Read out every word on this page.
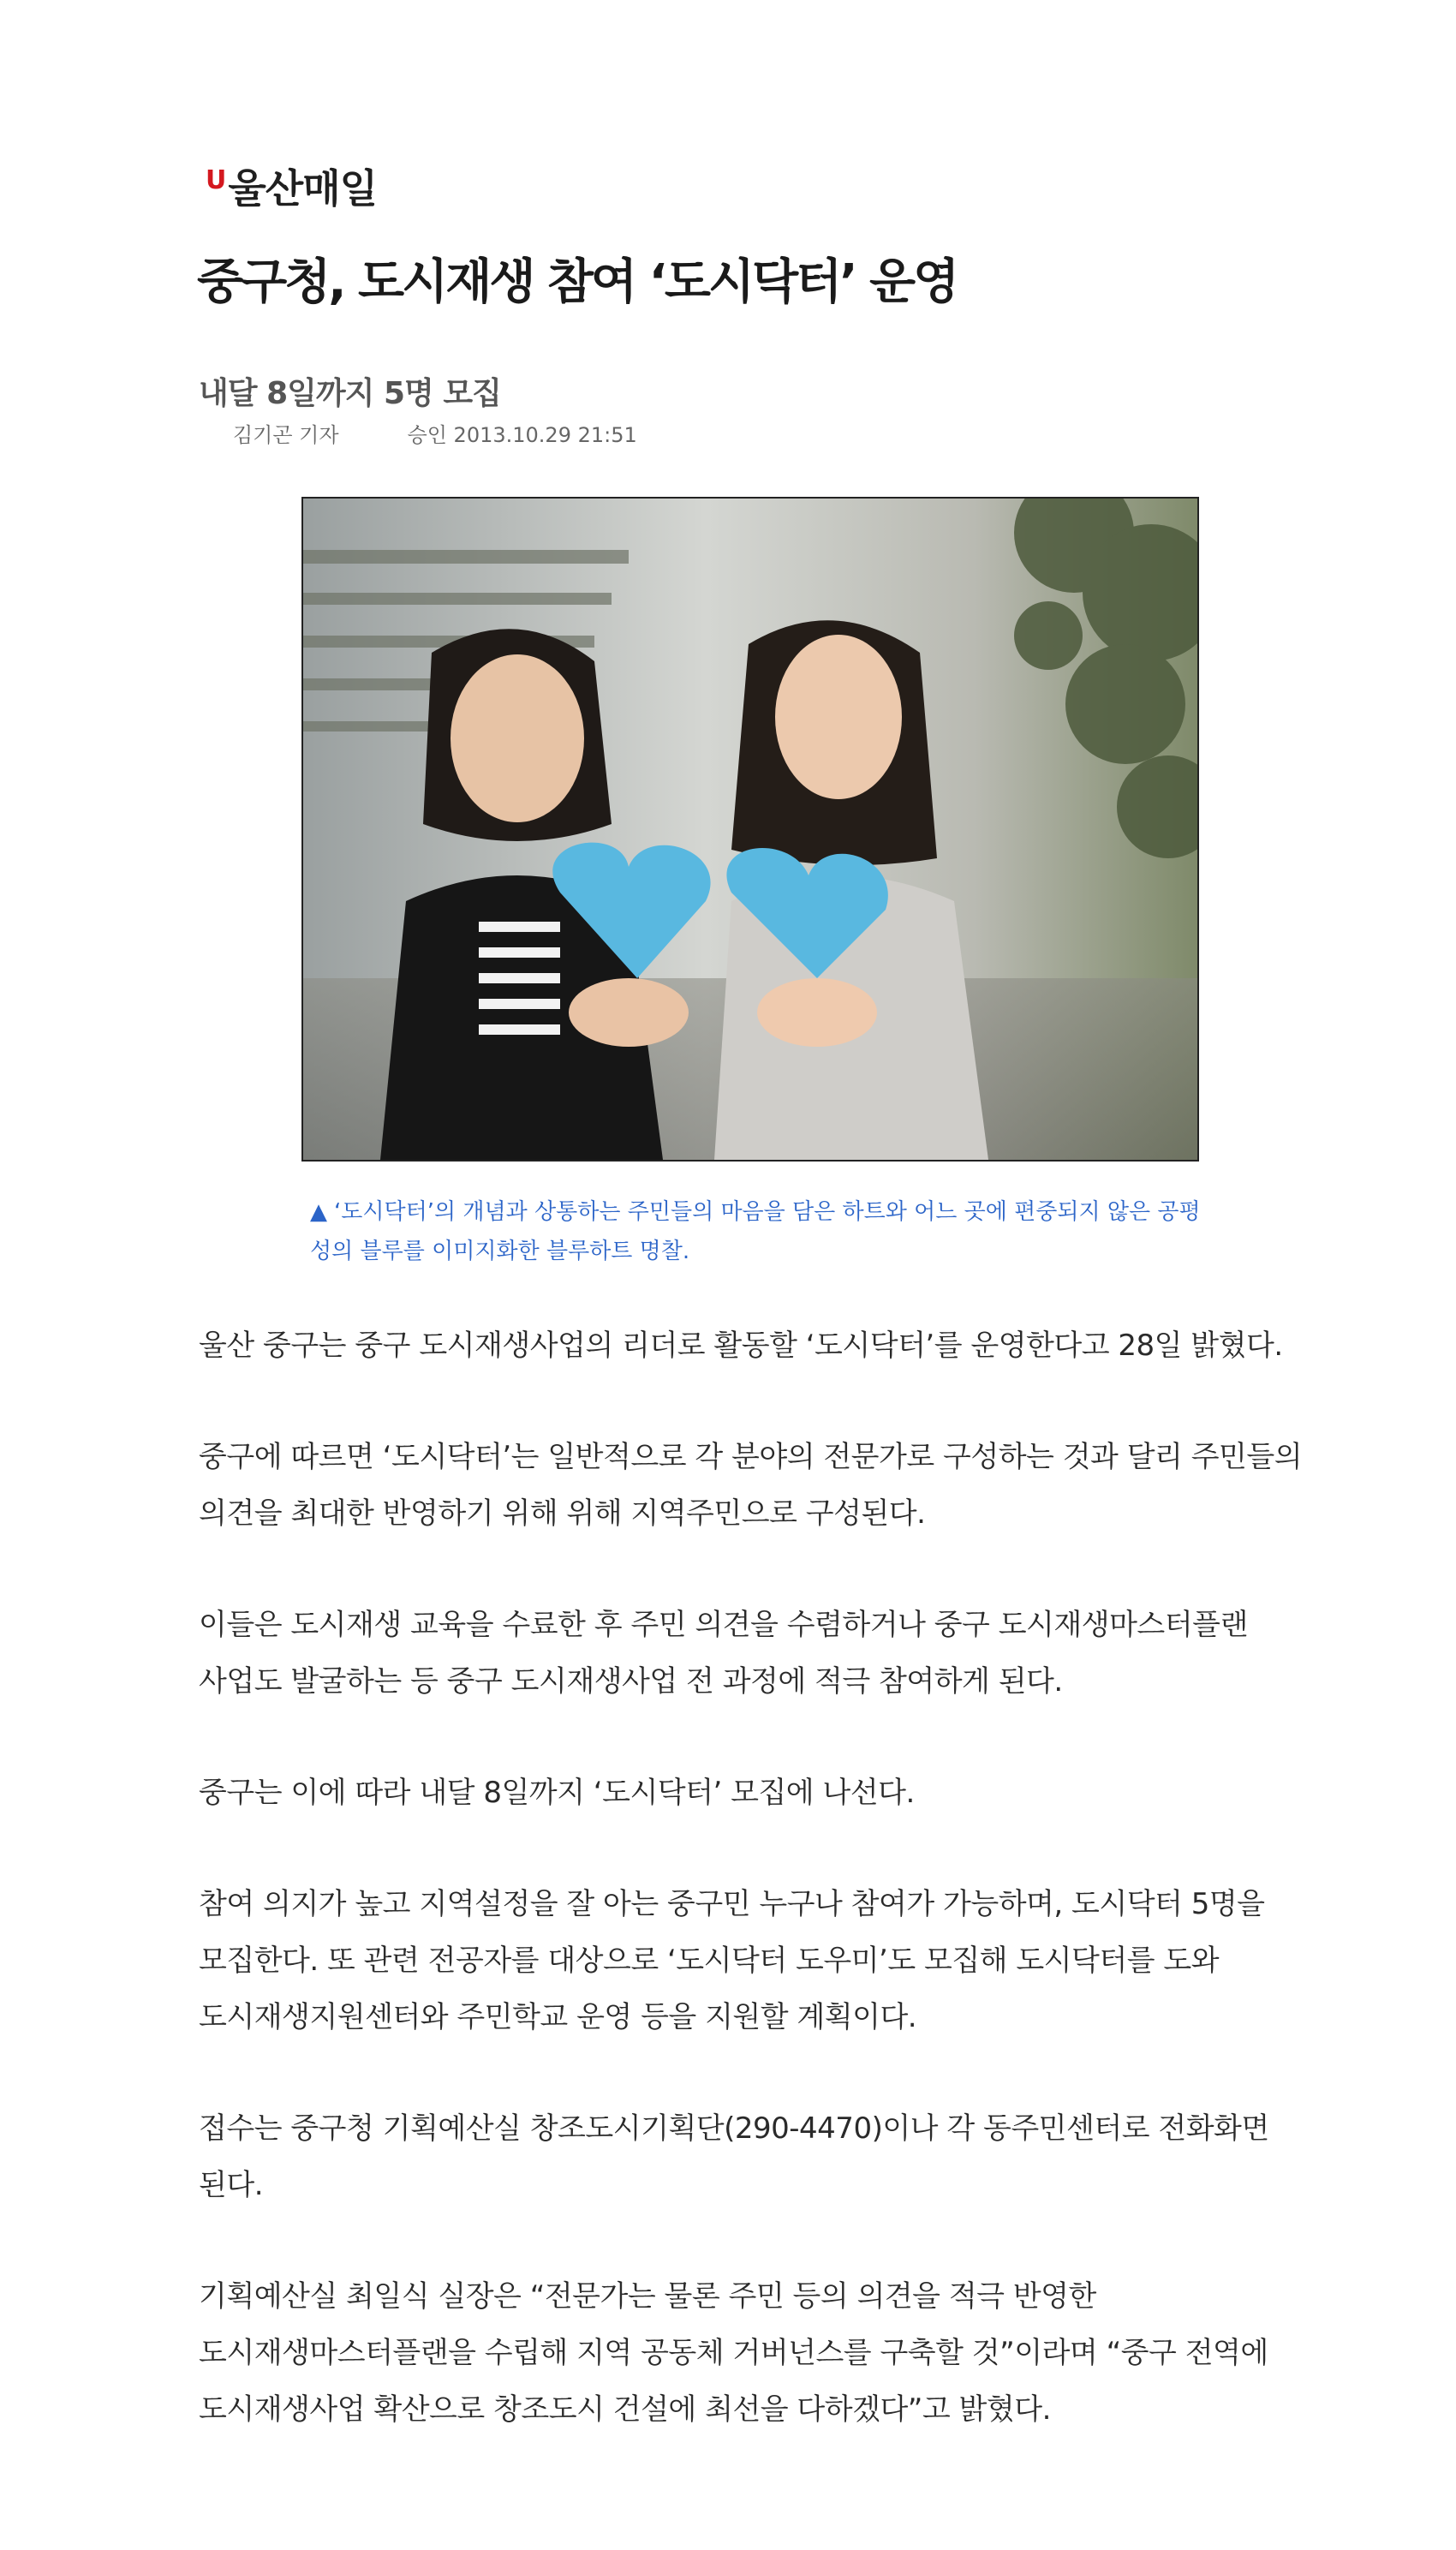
U 울산매일
중구청, 도시재생 참여 ‘도시닥터’ 운영
내달 8일까지 5명 모집
김기곤 기자	승인 2013.10.29 21:51

▲ ‘도시닥터’의 개념과 상통하는 주민들의 마음을 담은 하트와 어느 곳에 편중되지 않은 공평성의 블루를 이미지화한 블루하트 명찰.

울산 중구는 중구 도시재생사업의 리더로 활동할 ‘도시닥터’를 운영한다고 28일 밝혔다.

중구에 따르면 ‘도시닥터’는 일반적으로 각 분야의 전문가로 구성하는 것과 달리 주민들의 의견을 최대한 반영하기 위해 위해 지역주민으로 구성된다.

이들은 도시재생 교육을 수료한 후 주민 의견을 수렴하거나 중구 도시재생마스터플랜 사업도 발굴하는 등 중구 도시재생사업 전 과정에 적극 참여하게 된다.

중구는 이에 따라 내달 8일까지 ‘도시닥터’ 모집에 나선다.

참여 의지가 높고 지역설정을 잘 아는 중구민 누구나 참여가 가능하며, 도시닥터 5명을 모집한다. 또 관련 전공자를 대상으로 ‘도시닥터 도우미’도 모집해 도시닥터를 도와 도시재생지원센터와 주민학교 운영 등을 지원할 계획이다.

접수는 중구청 기획예산실 창조도시기획단(290-4470)이나 각 동주민센터로 전화화면 된다.

기획예산실 최일식 실장은 “전문가는 물론 주민 등의 의견을 적극 반영한 도시재생마스터플랜을 수립해 지역 공동체 거버넌스를 구축할 것”이라며 “중구 전역에 도시재생사업 확산으로 창조도시 건설에 최선을 다하겠다”고 밝혔다.
